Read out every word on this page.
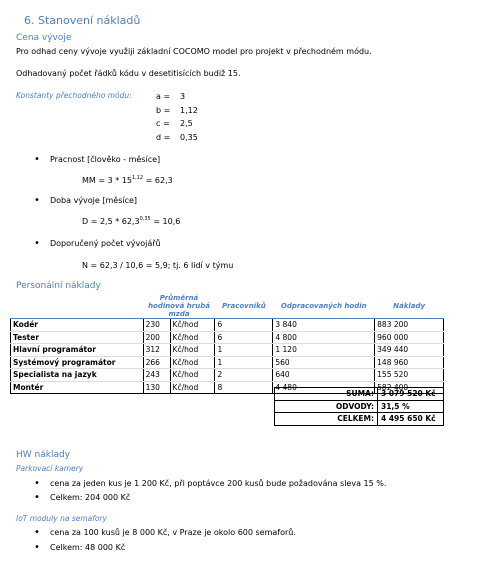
6. Stanovení nákladů
Cena vývoje
Pro odhad ceny vývoje využiji základní COCOMO model pro projekt v přechodném módu.
Odhadovaný počet řádků kódu v desetitisících budiž 15.
Konstanty přechodného módu:	a = 3
b = 1,12
c = 2,5
d = 0,35
• Pracnost [člověko - měsíce]
MM = $3 * 15^{1,12} = 62,3$
• Doba vývoje [měsíce]
$D = 2,5 * 62,3^{0,35} = 10,6$
• Doporučený počet vývojářů
N = 62,3 / 10,6 = 5,9; tj. 6 lidí v týmu
Personální náklady
	Průměrná hodinová hrubá mzda		Pracovníků	Odpracovaných hodin	Náklady
Kodér	230	Kč/hod	6	3 840	883 200
Tester	200	Kč/hod	6	4 800	960 000
Hlavní programátor	312	Kč/hod	1	1 120	349 440
Systémový programátor	266	Kč/hod	1	560	148 960
Specialista na jazyk	243	Kč/hod	2	640	155 520
Montér	130	Kč/hod	8	4 480	582 400
SUMA:	3 079 520 Kč
ODVODY:	31,5 %
CELKEM:	4 495 650 Kč
HW náklady
Parkovací kamery
• cena za jeden kus je 1 200 Kč, při poptávce 200 kusů bude požadována sleva 15 %.
• Celkem: 204 000 Kč
IoT moduly na semafory
• cena za 100 kusů je 8 000 Kč, v Praze je okolo 600 semaforů.
• Celkem: 48 000 Kč
